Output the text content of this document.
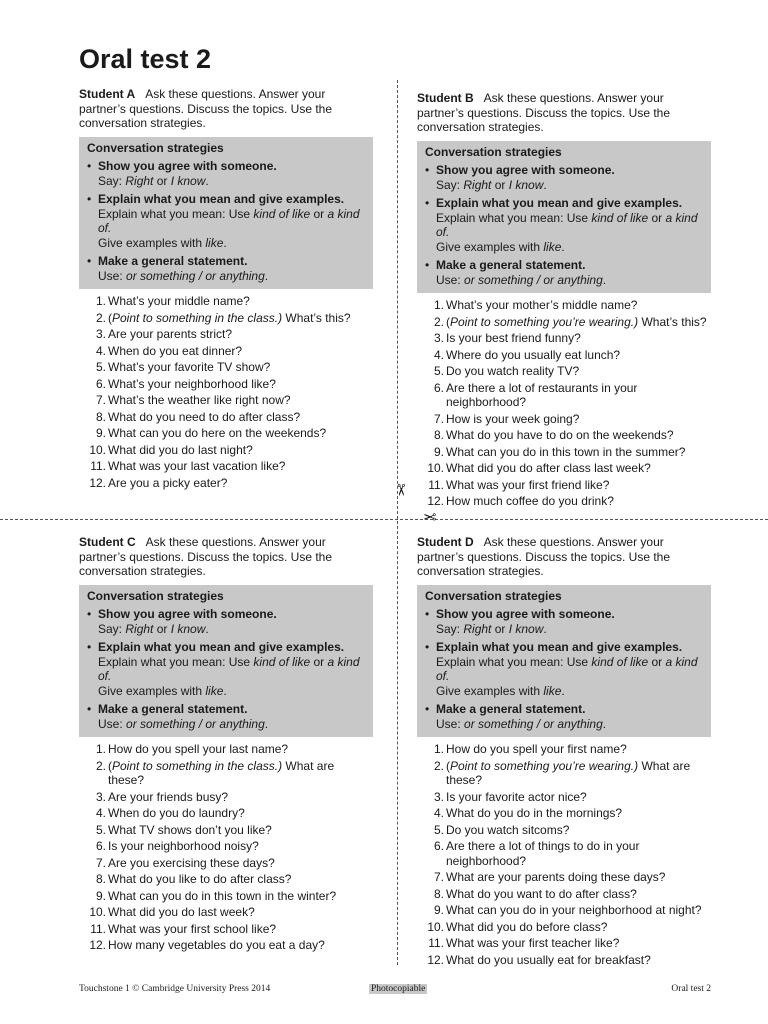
Oral test 2
✂
✂

Student A Ask these questions. Answer your partner’s questions. Discuss the topics. Use the conversation strategies.

Conversation strategies
• Show you agree with someone.
Say: Right or I know.
• Explain what you mean and give examples.
Explain what you mean: Use kind of like or a kind of.
Give examples with like.
• Make a general statement.
Use: or something / or anything.
1. What’s your middle name?
2. (Point to something in the class.) What’s this?
3. Are your parents strict?
4. When do you eat dinner?
5. What’s your favorite TV show?
6. What’s your neighborhood like?
7. What’s the weather like right now?
8. What do you need to do after class?
9. What can you do here on the weekends?
10. What did you do last night?
11. What was your last vacation like?
12. Are you a picky eater?

Student B Ask these questions. Answer your partner’s questions. Discuss the topics. Use the conversation strategies.

Conversation strategies
• Show you agree with someone.
Say: Right or I know.
• Explain what you mean and give examples.
Explain what you mean: Use kind of like or a kind of.
Give examples with like.
• Make a general statement.
Use: or something / or anything.
1. What’s your mother’s middle name?
2. (Point to something you’re wearing.) What’s this?
3. Is your best friend funny?
4. Where do you usually eat lunch?
5. Do you watch reality TV?
6. Are there a lot of restaurants in your neighborhood?
7. How is your week going?
8. What do you have to do on the weekends?
9. What can you do in this town in the summer?
10. What did you do after class last week?
11. What was your first friend like?
12. How much coffee do you drink?

Student C Ask these questions. Answer your partner’s questions. Discuss the topics. Use the conversation strategies.

Conversation strategies
• Show you agree with someone.
Say: Right or I know.
• Explain what you mean and give examples.
Explain what you mean: Use kind of like or a kind of.
Give examples with like.
• Make a general statement.
Use: or something / or anything.
1. How do you spell your last name?
2. (Point to something in the class.) What are these?
3. Are your friends busy?
4. When do you do laundry?
5. What TV shows don’t you like?
6. Is your neighborhood noisy?
7. Are you exercising these days?
8. What do you like to do after class?
9. What can you do in this town in the winter?
10. What did you do last week?
11. What was your first school like?
12. How many vegetables do you eat a day?

Student D Ask these questions. Answer your partner’s questions. Discuss the topics. Use the conversation strategies.

Conversation strategies
• Show you agree with someone.
Say: Right or I know.
• Explain what you mean and give examples.
Explain what you mean: Use kind of like or a kind of.
Give examples with like.
• Make a general statement.
Use: or something / or anything.
1. How do you spell your first name?
2. (Point to something you’re wearing.) What are these?
3. Is your favorite actor nice?
4. What do you do in the mornings?
5. Do you watch sitcoms?
6. Are there a lot of things to do in your neighborhood?
7. What are your parents doing these days?
8. What do you want to do after class?
9. What can you do in your neighborhood at night?
10. What did you do before class?
11. What was your first teacher like?
12. What do you usually eat for breakfast?
Touchstone 1 © Cambridge University Press 2014	Photocopiable	Oral test 2
